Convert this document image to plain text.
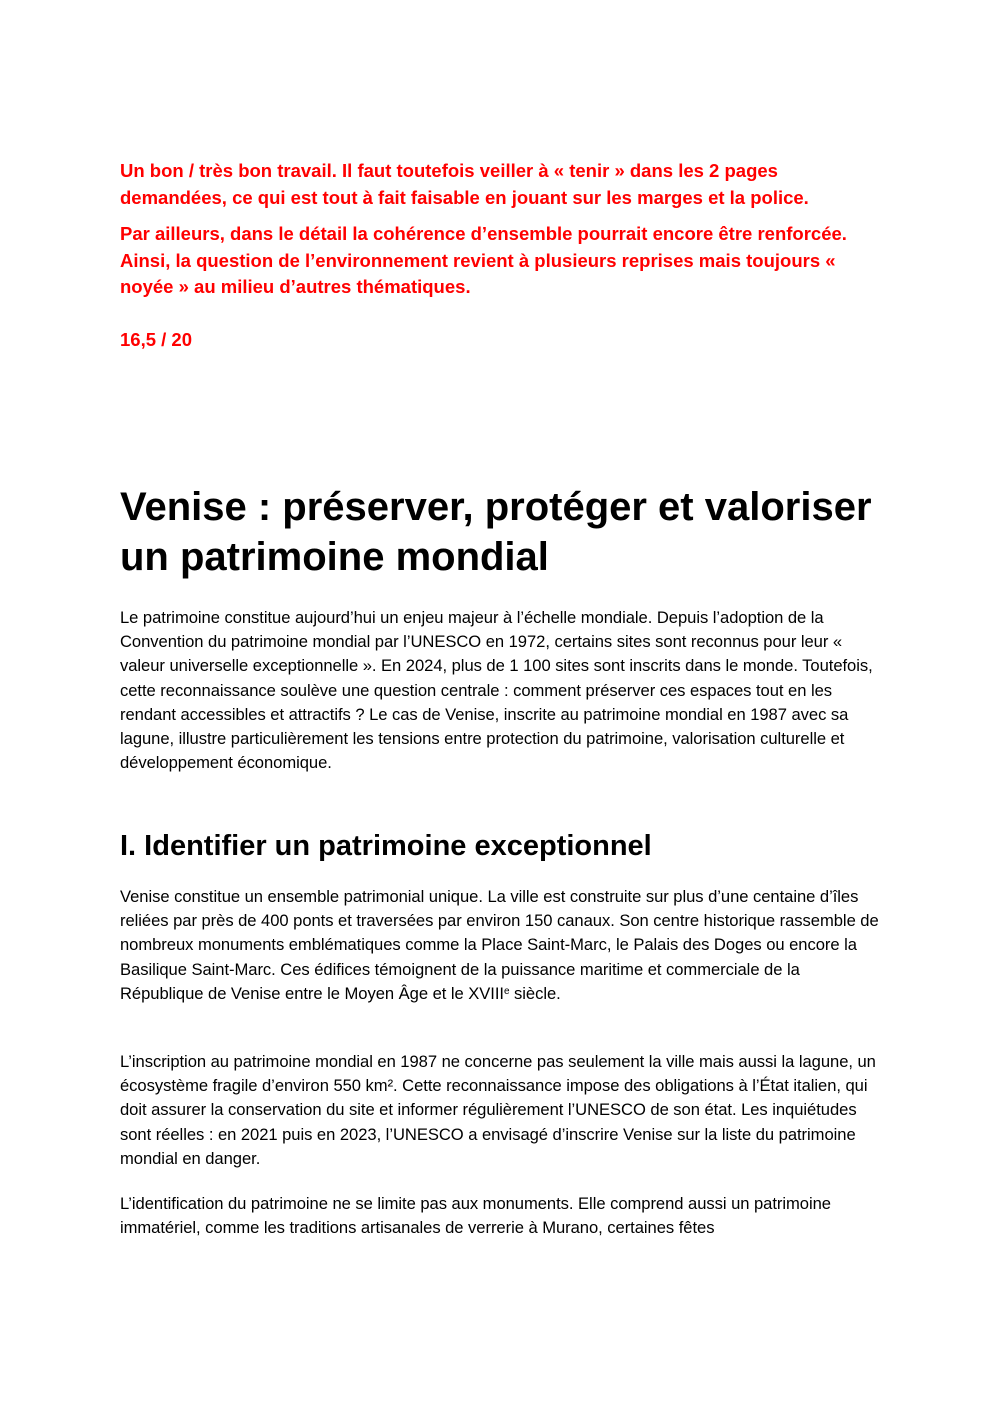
Un bon / très bon travail. Il faut toutefois veiller à « tenir » dans les 2 pages demandées, ce qui est tout à fait faisable en jouant sur les marges et la police.

Par ailleurs, dans le détail la cohérence d’ensemble pourrait encore être renforcée. Ainsi, la question de l’environnement revient à plusieurs reprises mais toujours « noyée » au milieu d’autres thématiques.

16,5 / 20

Venise : préserver, protéger et valoriser
un patrimoine mondial

Le patrimoine constitue aujourd’hui un enjeu majeur à l’échelle mondiale. Depuis l’adoption de la Convention du patrimoine mondial par l’UNESCO en 1972, certains sites sont reconnus pour leur « valeur universelle exceptionnelle ». En 2024, plus de 1 100 sites sont inscrits dans le monde. Toutefois, cette reconnaissance soulève une question centrale : comment préserver ces espaces tout en les rendant accessibles et attractifs ? Le cas de Venise, inscrite au patrimoine mondial en 1987 avec sa lagune, illustre particulièrement les tensions entre protection du patrimoine, valorisation culturelle et développement économique.

I. Identifier un patrimoine exceptionnel

Venise constitue un ensemble patrimonial unique. La ville est construite sur plus d’une centaine d’îles reliées par près de 400 ponts et traversées par environ 150 canaux. Son centre historique rassemble de nombreux monuments emblématiques comme la Place Saint-Marc, le Palais des Doges ou encore la Basilique Saint-Marc. Ces édifices témoignent de la puissance maritime et commerciale de la République de Venise entre le Moyen Âge et le XVIIIe siècle.

L’inscription au patrimoine mondial en 1987 ne concerne pas seulement la ville mais aussi la lagune, un écosystème fragile d’environ 550 km². Cette reconnaissance impose des obligations à l’État italien, qui doit assurer la conservation du site et informer régulièrement l’UNESCO de son état. Les inquiétudes sont réelles : en 2021 puis en 2023, l’UNESCO a envisagé d’inscrire Venise sur la liste du patrimoine mondial en danger.

L’identification du patrimoine ne se limite pas aux monuments. Elle comprend aussi un patrimoine immatériel, comme les traditions artisanales de verrerie à Murano, certaines fêtes
